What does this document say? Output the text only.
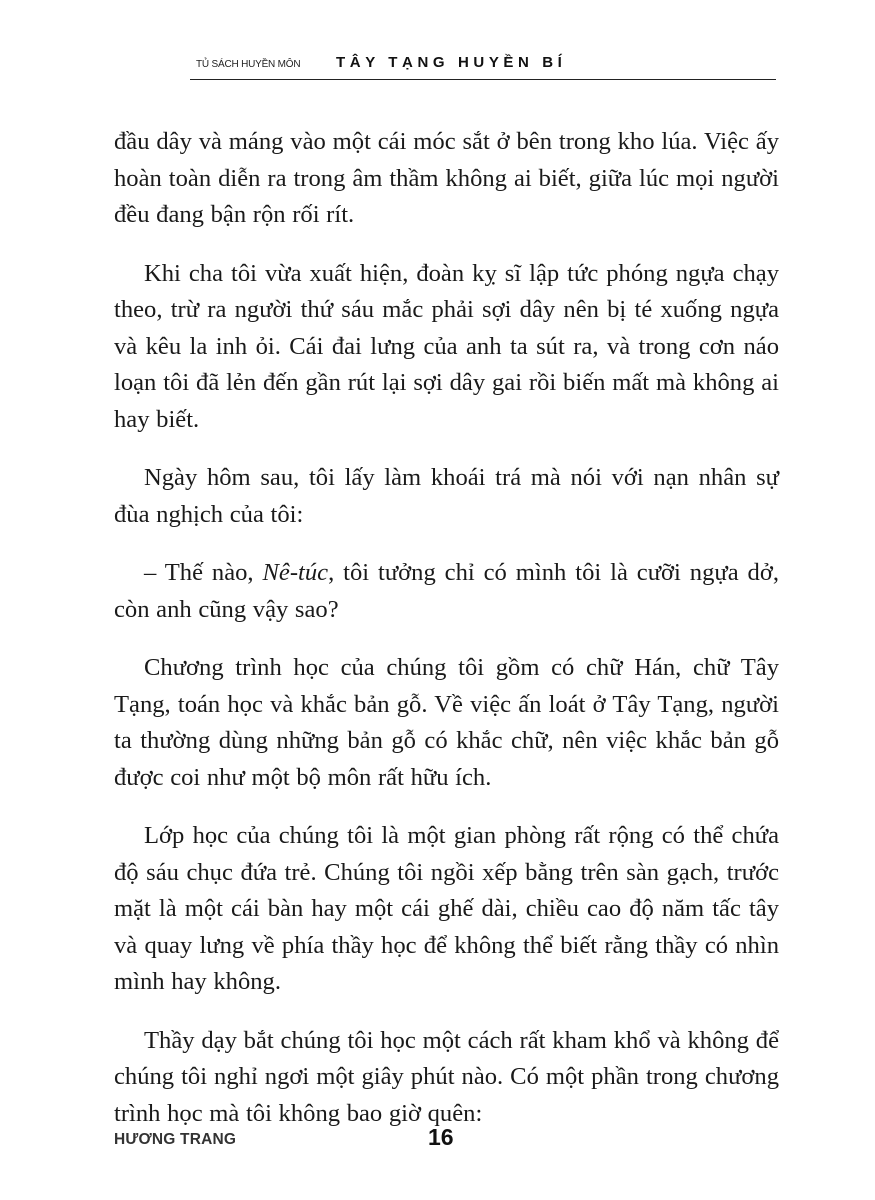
TỦ SÁCH HUYỀN MÔN TÂY TẠNG HUYỀN BÍ

đầu dây và máng vào một cái móc sắt ở bên trong kho lúa. Việc ấy hoàn toàn diễn ra trong âm thầm không ai biết, giữa lúc mọi người đều đang bận rộn rối rít.

Khi cha tôi vừa xuất hiện, đoàn kỵ sĩ lập tức phóng ngựa chạy theo, trừ ra người thứ sáu mắc phải sợi dây nên bị té xuống ngựa và kêu la inh ỏi. Cái đai lưng của anh ta sút ra, và trong cơn náo loạn tôi đã lẻn đến gần rút lại sợi dây gai rồi biến mất mà không ai hay biết.

Ngày hôm sau, tôi lấy làm khoái trá mà nói với nạn nhân sự đùa nghịch của tôi:

– Thế nào, Nê-túc, tôi tưởng chỉ có mình tôi là cưỡi ngựa dở, còn anh cũng vậy sao?

Chương trình học của chúng tôi gồm có chữ Hán, chữ Tây Tạng, toán học và khắc bản gỗ. Về việc ấn loát ở Tây Tạng, người ta thường dùng những bản gỗ có khắc chữ, nên việc khắc bản gỗ được coi như một bộ môn rất hữu ích.

Lớp học của chúng tôi là một gian phòng rất rộng có thể chứa độ sáu chục đứa trẻ. Chúng tôi ngồi xếp bằng trên sàn gạch, trước mặt là một cái bàn hay một cái ghế dài, chiều cao độ năm tấc tây và quay lưng về phía thầy học để không thể biết rằng thầy có nhìn mình hay không.

Thầy dạy bắt chúng tôi học một cách rất kham khổ và không để chúng tôi nghỉ ngơi một giây phút nào. Có một phần trong chương trình học mà tôi không bao giờ quên:

HƯƠNG TRANG	16
